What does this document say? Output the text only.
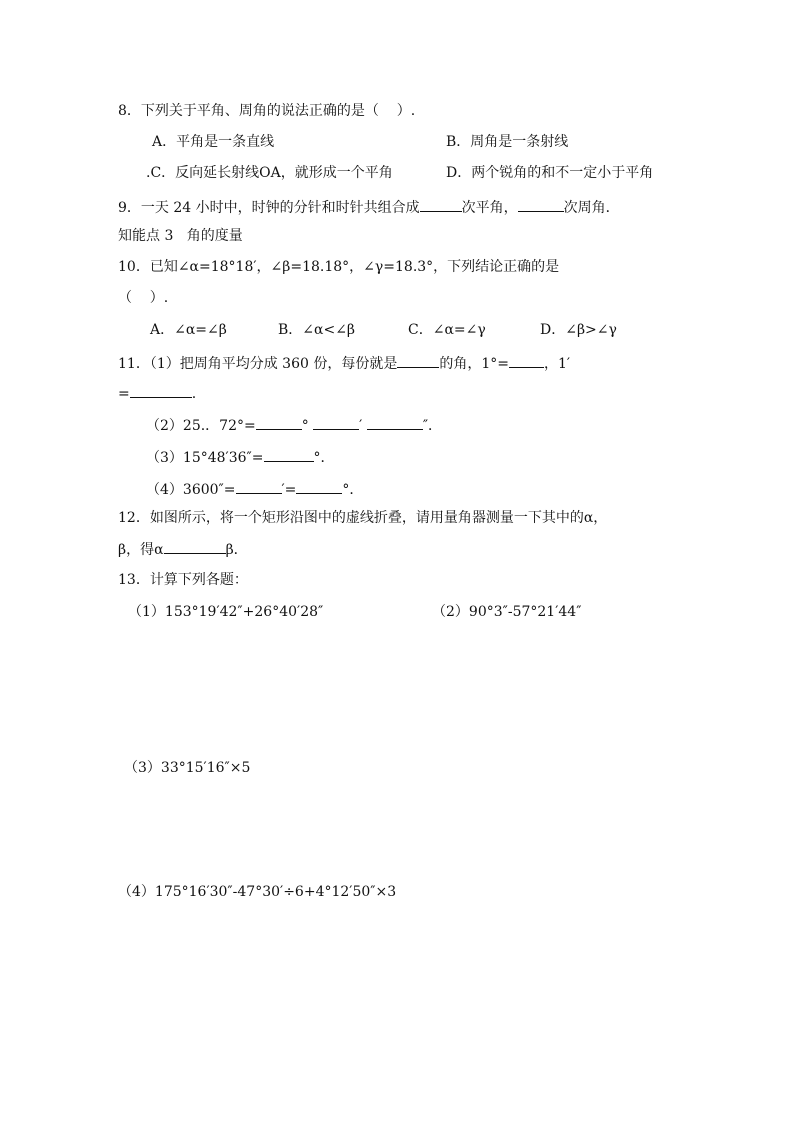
8．下列关于平角、周角的说法正确的是（    ）.
A．平角是一条直线	B．周角是一条射线
.C．反向延长射线OA，就形成一个平角	D．两个锐角的和不一定小于平角
9．一天 24 小时中，时钟的分针和时针共组合成	次平角，	次周角．
知能点 3   角的度量
10．已知∠α=18°18′，∠β=18.18°，∠γ=18.3°，下列结论正确的是
（    ）.
A．∠α=∠β	B．∠α<∠β	C．∠α=∠γ	D．∠β>∠γ
11．（1）把周角平均分成 360 份，每份就是	的角，1°=	，1′
=	.
（2）25.．72°=	°	′	″．
（3）15°48′36″=	°．
（4）3600″=	′=	°．
12．如图所示，将一个矩形沿图中的虚线折叠，请用量角器测量一下其中的α，
β，得α	β．
13．计算下列各题：
（1）153°19′42″+26°40′28″	（2）90°3″-57°21′44″
（3）33°15′16″×5
（4）175°16′30″-47°30′÷6+4°12′50″×3
